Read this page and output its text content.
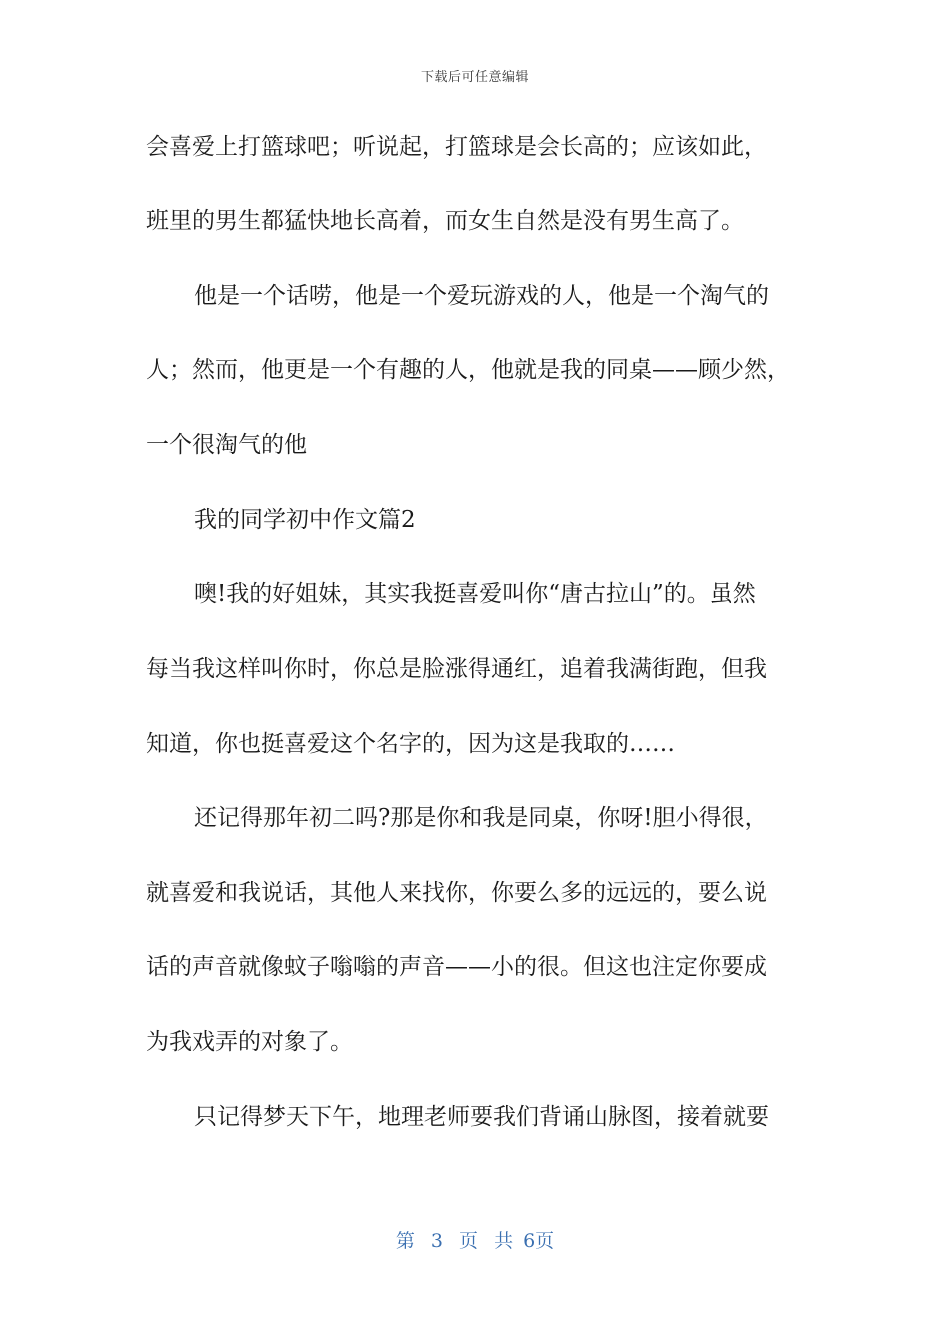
下载后可任意编辑
会喜爱上打篮球吧；听说起，打篮球是会长高的；应该如此，
班里的男生都猛快地长高着，而女生自然是没有男生高了。
他是一个话唠，他是一个爱玩游戏的人，他是一个淘气的
人；然而，他更是一个有趣的人，他就是我的同桌——顾少然，
一个很淘气的他
我的同学初中作文篇2
噢!我的好姐妹，其实我挺喜爱叫你“唐古拉山”的。虽然
每当我这样叫你时，你总是脸涨得通红，追着我满街跑，但我
知道，你也挺喜爱这个名字的，因为这是我取的……
还记得那年初二吗?那是你和我是同桌，你呀!胆小得很，
就喜爱和我说话，其他人来找你，你要么多的远远的，要么说
话的声音就像蚊子嗡嗡的声音——小的很。但这也注定你要成
为我戏弄的对象了。
只记得梦天下午，地理老师要我们背诵山脉图，接着就要
第 3 页 共 6页
